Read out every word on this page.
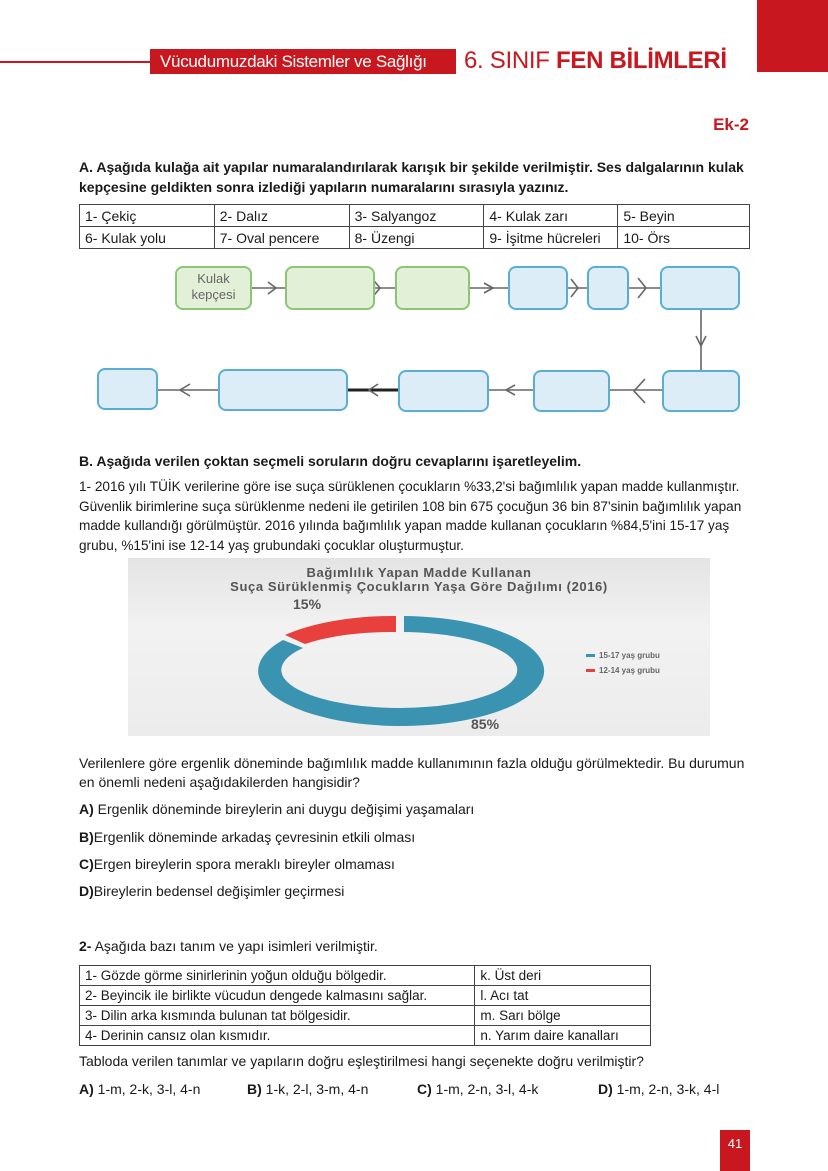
Vücudumuzdaki Sistemler ve Sağlığı	6. SINIF FEN BİLİMLERİ
Ek-2
A. Aşağıda kulağa ait yapılar numaralandırılarak karışık bir şekilde verilmiştir. Ses dalgalarının kulak kepçesine geldikten sonra izlediği yapıların numaralarını sırasıyla yazınız.
1- Çekiç	2- Dalız	3- Salyangoz	4- Kulak zarı	5- Beyin
6- Kulak yolu	7- Oval pencere	8- Üzengi	9- İşitme hücreleri	10- Örs
Kulak
kepçesi
B. Aşağıda verilen çoktan seçmeli soruların doğru cevaplarını işaretleyelim.
1- 2016 yılı TÜİK verilerine göre ise suça sürüklenen çocukların %33,2'si bağımlılık yapan madde kullanmıştır. Güvenlik birimlerine suça sürüklenme nedeni ile getirilen 108 bin 675 çocuğun 36 bin 87'sinin bağımlılık yapan madde kullandığı görülmüştür. 2016 yılında bağımlılık yapan madde kullanan çocukların %84,5'ini 15-17 yaş grubu, %15'ini ise 12-14 yaş grubundaki çocuklar oluşturmuştur.
Bağımlılık Yapan Madde Kullanan
Suça Sürüklenmiş Çocukların Yaşa Göre Dağılımı (2016)
15%
85%
15-17 yaş grubu
12-14 yaş grubu
Verilenlere göre ergenlik döneminde bağımlılık madde kullanımının fazla olduğu görülmektedir. Bu durumun en önemli nedeni aşağıdakilerden hangisidir?
A) Ergenlik döneminde bireylerin ani duygu değişimi yaşamaları
B)Ergenlik döneminde arkadaş çevresinin etkili olması
C)Ergen bireylerin spora meraklı bireyler olmaması
D)Bireylerin bedensel değişimler geçirmesi
2- Aşağıda bazı tanım ve yapı isimleri verilmiştir.
1- Gözde görme sinirlerinin yoğun olduğu bölgedir.	k. Üst deri
2- Beyincik ile birlikte vücudun dengede kalmasını sağlar.	l. Acı tat
3- Dilin arka kısmında bulunan tat bölgesidir.	m. Sarı bölge
4- Derinin cansız olan kısmıdır.	n. Yarım daire kanalları
Tabloda verilen tanımlar ve yapıların doğru eşleştirilmesi hangi seçenekte doğru verilmiştir?
A) 1-m, 2-k, 3-l, 4-n	B) 1-k, 2-l, 3-m, 4-n	C) 1-m, 2-n, 3-l, 4-k	D) 1-m, 2-n, 3-k, 4-l
41
